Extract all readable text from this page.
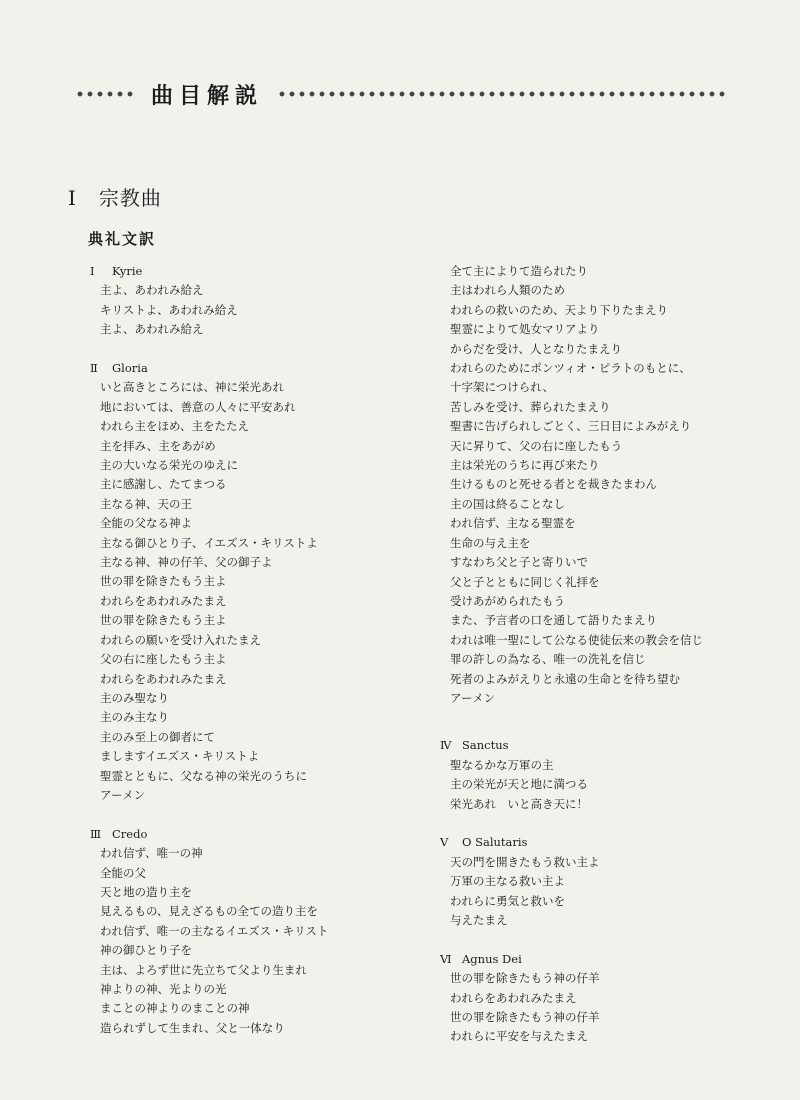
曲目解説
Ⅰ 宗教曲
典礼文訳
Ⅰ Kyrie
主よ、あわれみ給え
キリストよ、あわれみ給え
主よ、あわれみ給え
Ⅱ Gloria
いと高きところには、神に栄光あれ
地においては、善意の人々に平安あれ
われら主をほめ、主をたたえ
主を拝み、主をあがめ
主の大いなる栄光のゆえに
主に感謝し、たてまつる
主なる神、天の王
全能の父なる神よ
主なる御ひとり子、イエズス・キリストよ
主なる神、神の仔羊、父の御子よ
世の罪を除きたもう主よ
われらをあわれみたまえ
世の罪を除きたもう主よ
われらの願いを受け入れたまえ
父の右に座したもう主よ
われらをあわれみたまえ
主のみ聖なり
主のみ主なり
主のみ至上の御者にて
ましますイエズス・キリストよ
聖霊とともに、父なる神の栄光のうちに
アーメン
Ⅲ Credo
われ信ず、唯一の神
全能の父
天と地の造り主を
見えるもの、見えざるもの全ての造り主を
われ信ず、唯一の主なるイエズス・キリスト
神の御ひとり子を
主は、よろず世に先立ちて父より生まれ
神よりの神、光よりの光
まことの神よりのまことの神
造られずして生まれ、父と一体なり
全て主によりて造られたり
主はわれら人類のため
われらの救いのため、天より下りたまえり
聖霊によりて処女マリアより
からだを受け、人となりたまえり
われらのためにポンツィオ・ピラトのもとに、
十字架につけられ、
苦しみを受け、葬られたまえり
聖書に告げられしごとく、三日目によみがえり
天に昇りて、父の右に座したもう
主は栄光のうちに再び来たり
生けるものと死せる者とを裁きたまわん
主の国は終ることなし
われ信ず、主なる聖霊を
生命の与え主を
すなわち父と子と寄りいで
父と子とともに同じく礼拝を
受けあがめられたもう
また、予言者の口を通して語りたまえり
われは唯一聖にして公なる使徒伝来の教会を信じ
罪の許しの為なる、唯一の洗礼を信じ
死者のよみがえりと永遠の生命とを待ち望む
アーメン
Ⅳ Sanctus
聖なるかな万軍の主
主の栄光が天と地に満つる
栄光あれ　いと高き天に！
Ⅴ O Salutaris
天の門を開きたもう救い主よ
万軍の主なる救い主よ
われらに勇気と救いを
与えたまえ
Ⅵ Agnus Dei
世の罪を除きたもう神の仔羊
われらをあわれみたまえ
世の罪を除きたもう神の仔羊
われらに平安を与えたまえ
